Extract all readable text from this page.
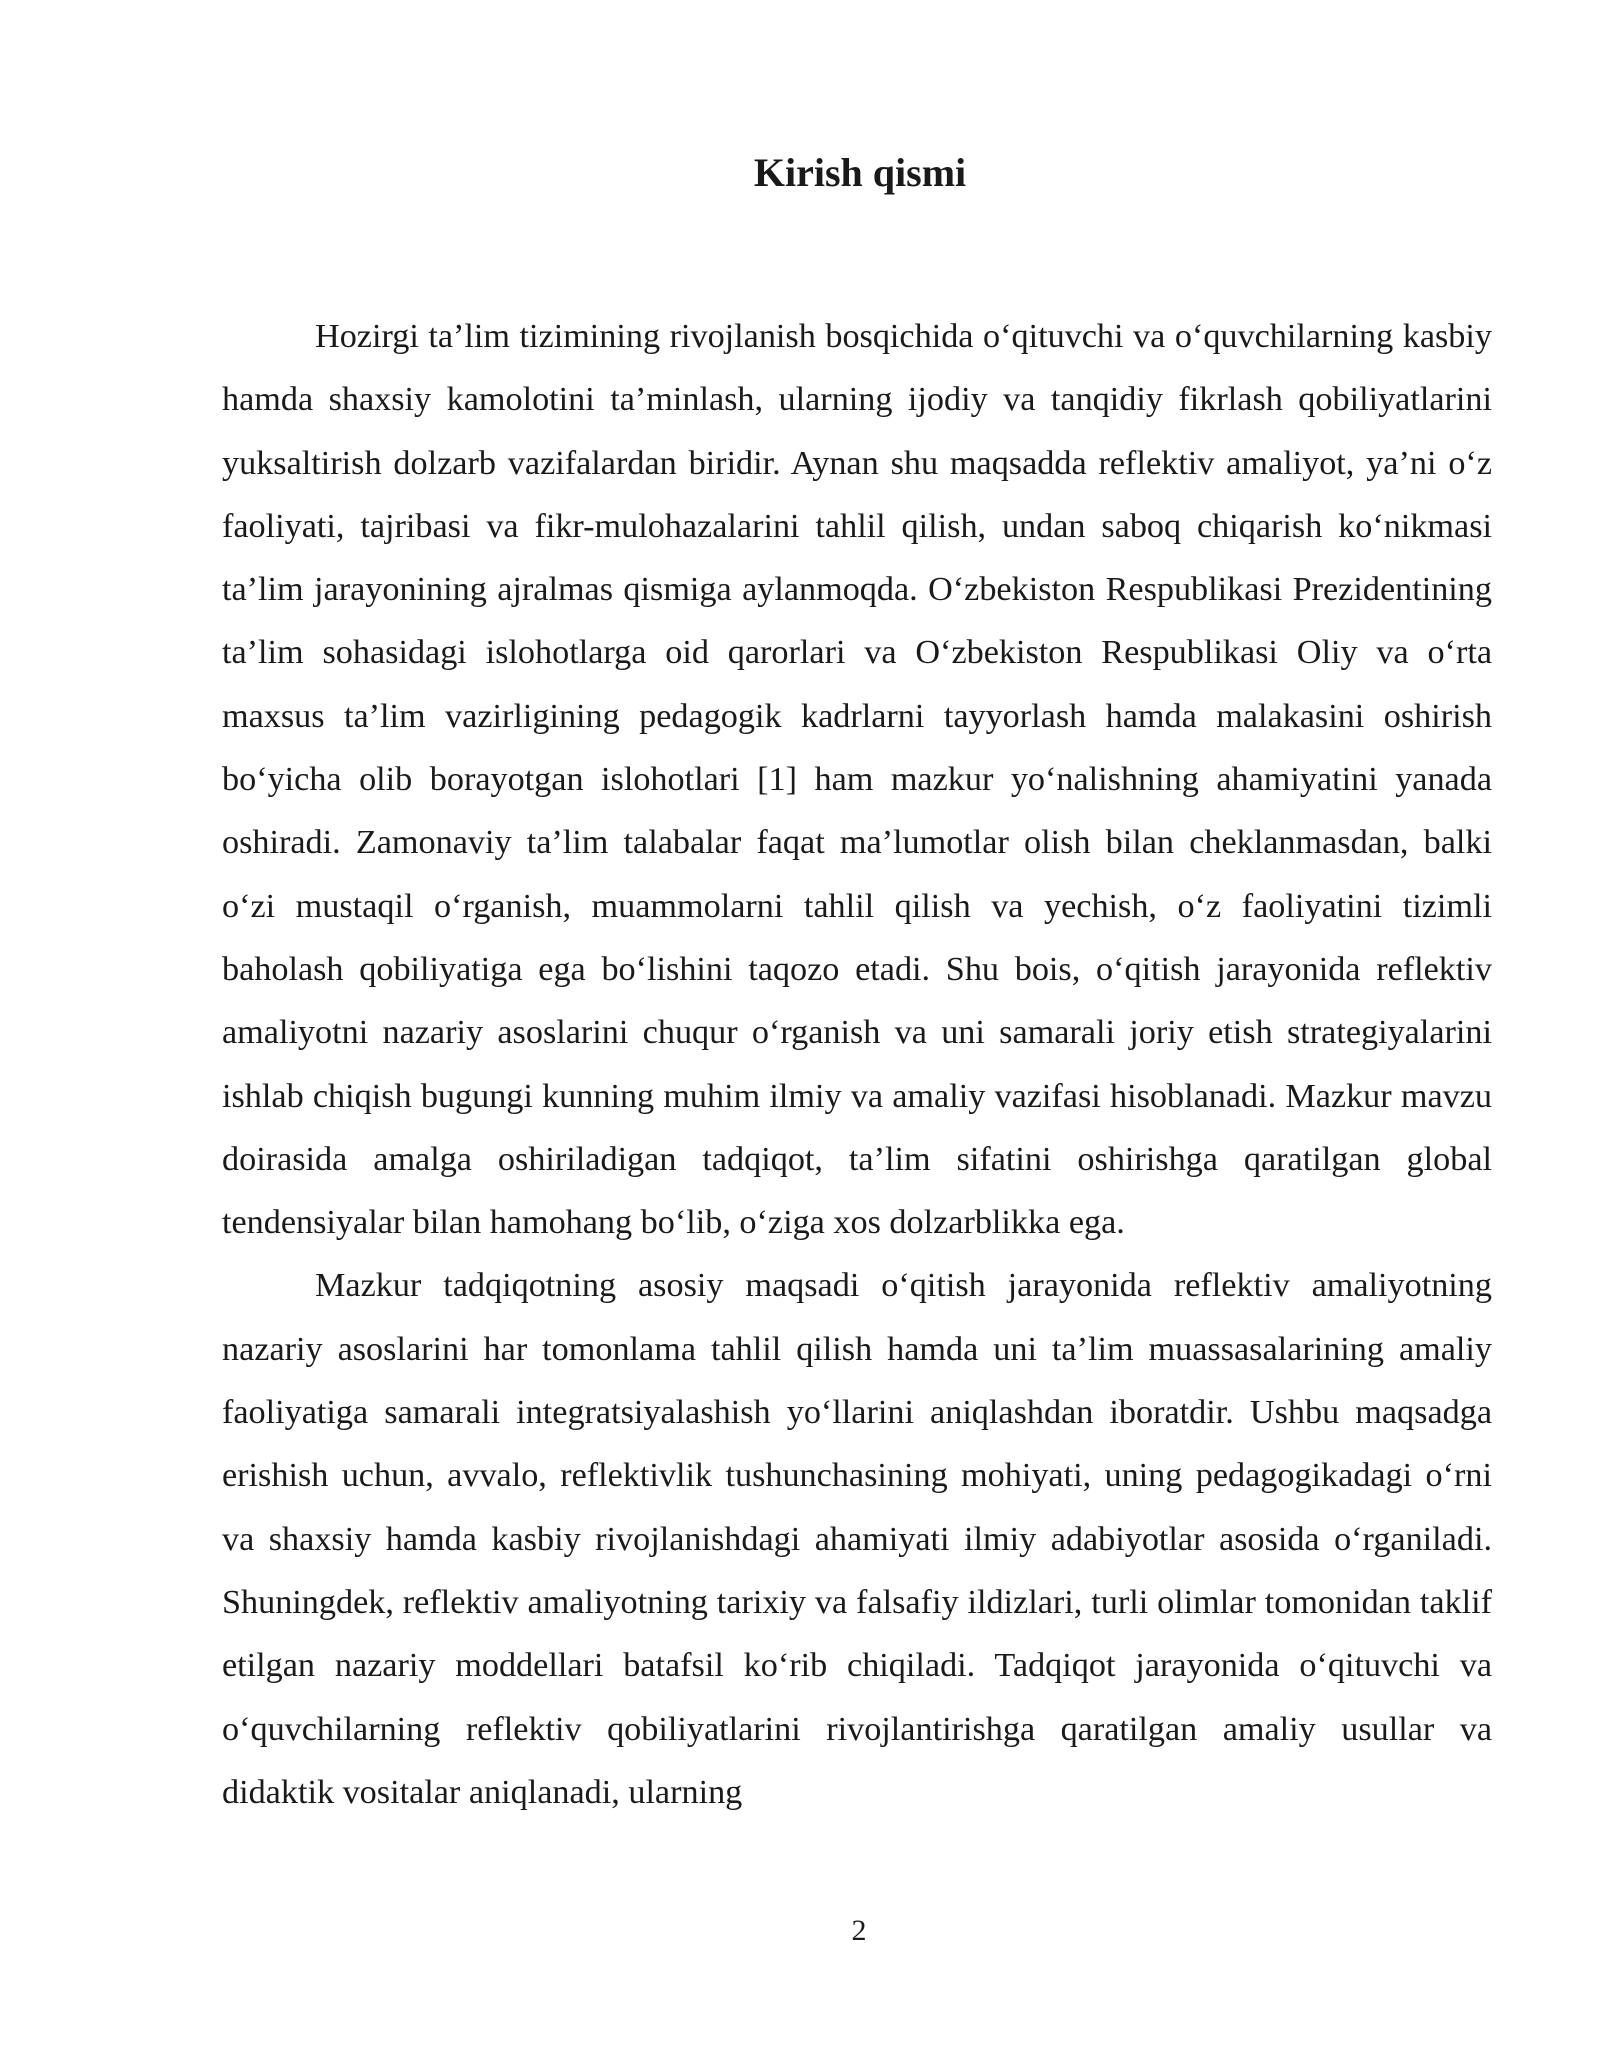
Kirish qismi

Hozirgi ta’lim tizimining rivojlanish bosqichida o‘qituvchi va o‘quvchilarning kasbiy hamda shaxsiy kamolotini ta’minlash, ularning ijodiy va tanqidiy fikrlash qobiliyatlarini yuksaltirish dolzarb vazifalardan biridir. Aynan shu maqsadda reflektiv amaliyot, ya’ni o‘z faoliyati, tajribasi va fikr-mulohazalarini tahlil qilish, undan saboq chiqarish ko‘nikmasi ta’lim jarayonining ajralmas qismiga aylanmoqda. O‘zbekiston Respublikasi Prezidentining ta’lim sohasidagi islohotlarga oid qarorlari va O‘zbekiston Respublikasi Oliy va o‘rta maxsus ta’lim vazirligining pedagogik kadrlarni tayyorlash hamda malakasini oshirish bo‘yicha olib borayotgan islohotlari [1] ham mazkur yo‘nalishning ahamiyatini yanada oshiradi. Zamonaviy ta’lim talabalar faqat ma’lumotlar olish bilan cheklanmasdan, balki o‘zi mustaqil o‘rganish, muammolarni tahlil qilish va yechish, o‘z faoliyatini tizimli baholash qobiliyatiga ega bo‘lishini taqozo etadi. Shu bois, o‘qitish jarayonida reflektiv amaliyotni nazariy asoslarini chuqur o‘rganish va uni samarali joriy etish strategiyalarini ishlab chiqish bugungi kunning muhim ilmiy va amaliy vazifasi hisoblanadi. Mazkur mavzu doirasida amalga oshiriladigan tadqiqot, ta’lim sifatini oshirishga qaratilgan global tendensiyalar bilan hamohang bo‘lib, o‘ziga xos dolzarblikka ega.

Mazkur tadqiqotning asosiy maqsadi o‘qitish jarayonida reflektiv amaliyotning nazariy asoslarini har tomonlama tahlil qilish hamda uni ta’lim muassasalarining amaliy faoliyatiga samarali integratsiyalashish yo‘llarini aniqlashdan iboratdir. Ushbu maqsadga erishish uchun, avvalo, reflektivlik tushunchasining mohiyati, uning pedagogikadagi o‘rni va shaxsiy hamda kasbiy rivojlanishdagi ahamiyati ilmiy adabiyotlar asosida o‘rganiladi. Shuningdek, reflektiv amaliyotning tarixiy va falsafiy ildizlari, turli olimlar tomonidan taklif etilgan nazariy moddellari batafsil ko‘rib chiqiladi. Tadqiqot jarayonida o‘qituvchi va o‘quvchilarning reflektiv qobiliyatlarini rivojlantirishga qaratilgan amaliy usullar va didaktik vositalar aniqlanadi, ularning

2
